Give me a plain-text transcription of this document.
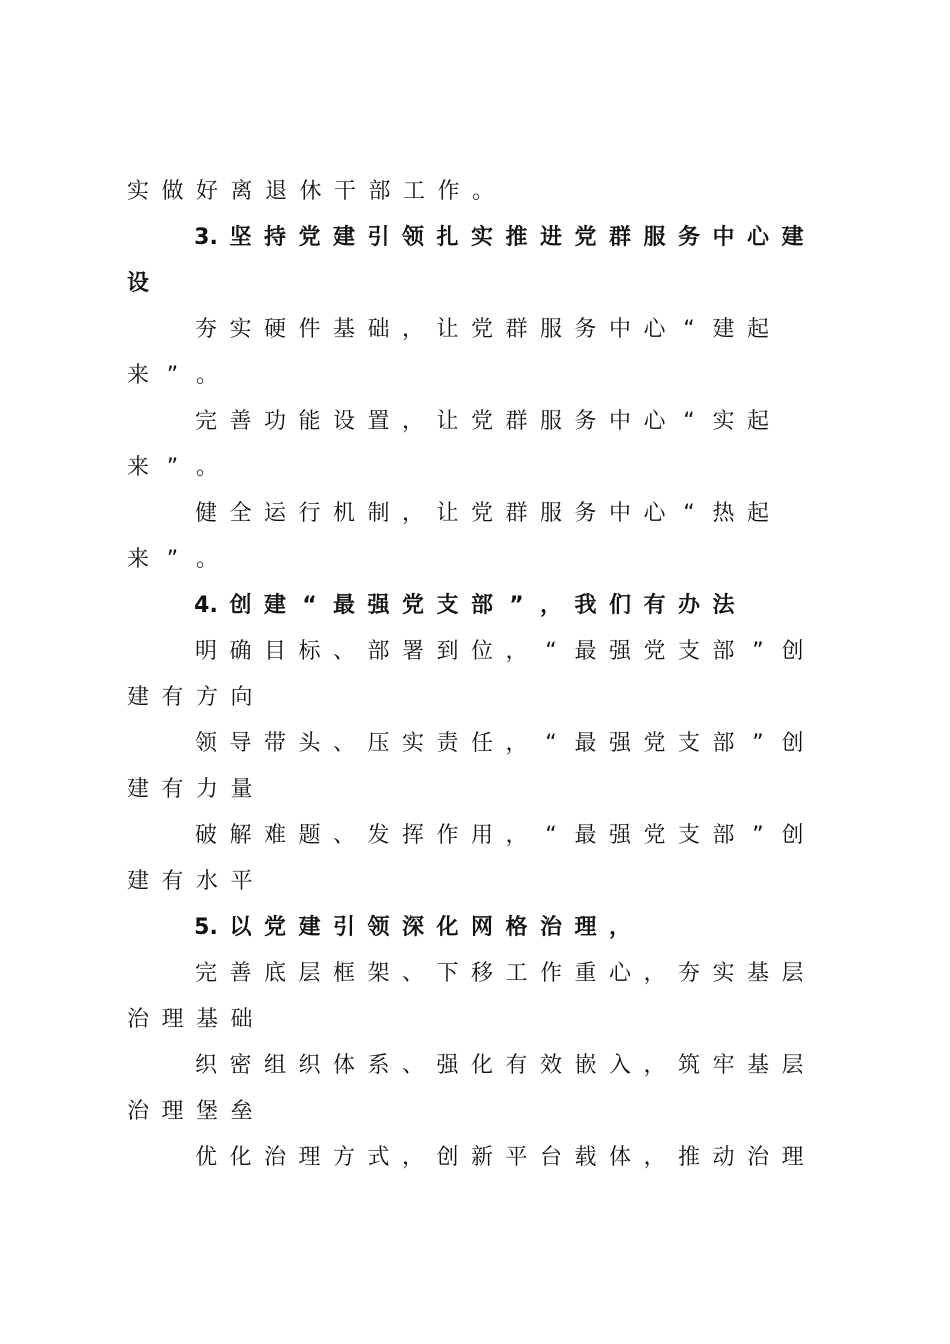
实 做 好 离 退 休 干 部 工 作 。
3. 坚 持 党 建 引 领 扎 实 推 进 党 群 服 务 中 心 建
设
夯 实 硬 件 基 础 ， 让 党 群 服 务 中 心 “ 建 起
来 ” 。
完 善 功 能 设 置 ， 让 党 群 服 务 中 心 “ 实 起
来 ” 。
健 全 运 行 机 制 ， 让 党 群 服 务 中 心 “ 热 起
来 ” 。
4. 创 建 “ 最 强 党 支 部 ” ， 我 们 有 办 法
明 确 目 标 、 部 署 到 位 ， “ 最 强 党 支 部 ” 创
建 有 方 向
领 导 带 头 、 压 实 责 任 ， “ 最 强 党 支 部 ” 创
建 有 力 量
破 解 难 题 、 发 挥 作 用 ， “ 最 强 党 支 部 ” 创
建 有 水 平
5. 以 党 建 引 领 深 化 网 格 治 理 ，
完 善 底 层 框 架 、 下 移 工 作 重 心 ， 夯 实 基 层
治 理 基 础
织 密 组 织 体 系 、 强 化 有 效 嵌 入 ， 筑 牢 基 层
治 理 堡 垒
优 化 治 理 方 式 ， 创 新 平 台 载 体 ， 推 动 治 理
